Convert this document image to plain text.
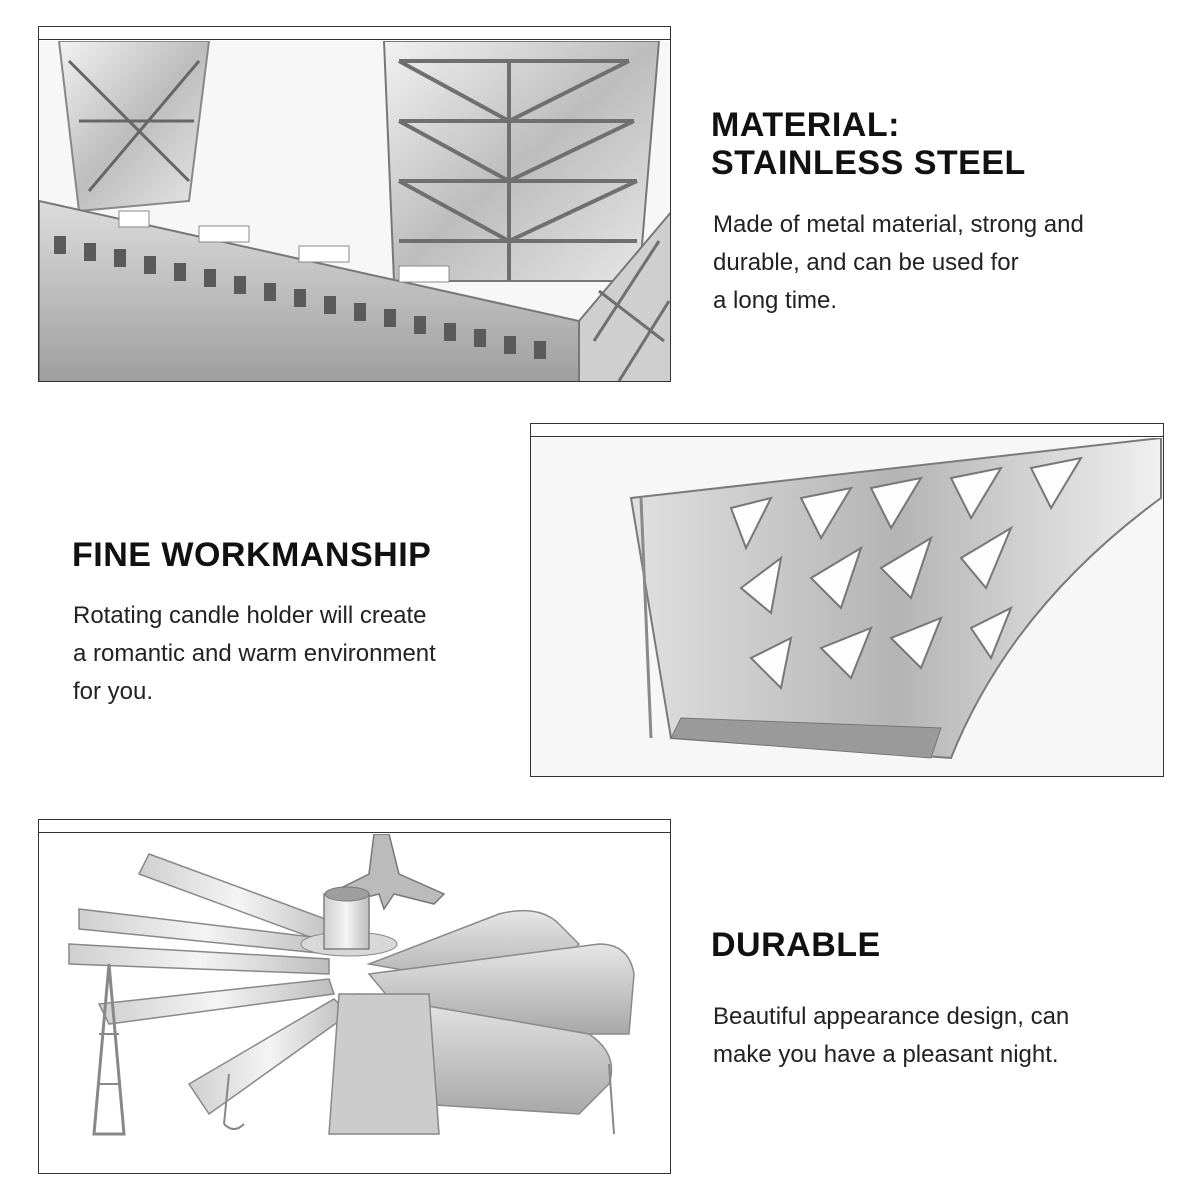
MATERIAL:
STAINLESS STEEL

Made of metal material, strong and
durable, and can be used for
a long time.

FINE WORKMANSHIP

Rotating candle holder will create
a romantic and warm environment
for you.

DURABLE

Beautiful appearance design, can
make you have a pleasant night.
